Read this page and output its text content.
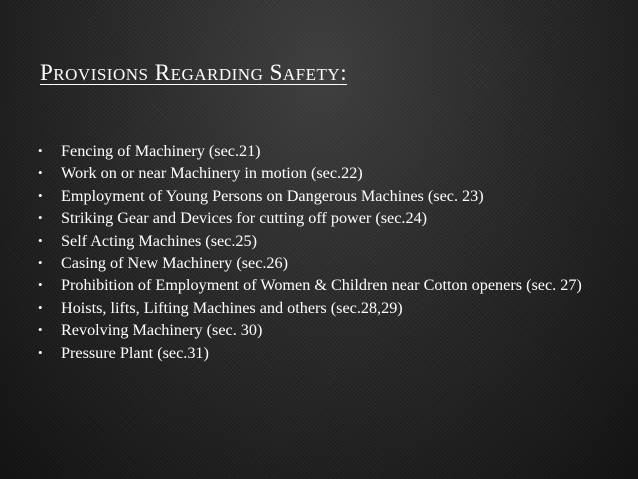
PROVISIONS REGARDING SAFETY:
• Fencing of Machinery (sec.21)
• Work on or near Machinery in motion (sec.22)
• Employment of Young Persons on Dangerous Machines (sec. 23)
• Striking Gear and Devices for cutting off power (sec.24)
• Self Acting Machines (sec.25)
• Casing of New Machinery (sec.26)
• Prohibition of Employment of Women & Children near Cotton openers (sec. 27)
• Hoists, lifts, Lifting Machines and others (sec.28,29)
• Revolving Machinery (sec. 30)
• Pressure Plant (sec.31)
